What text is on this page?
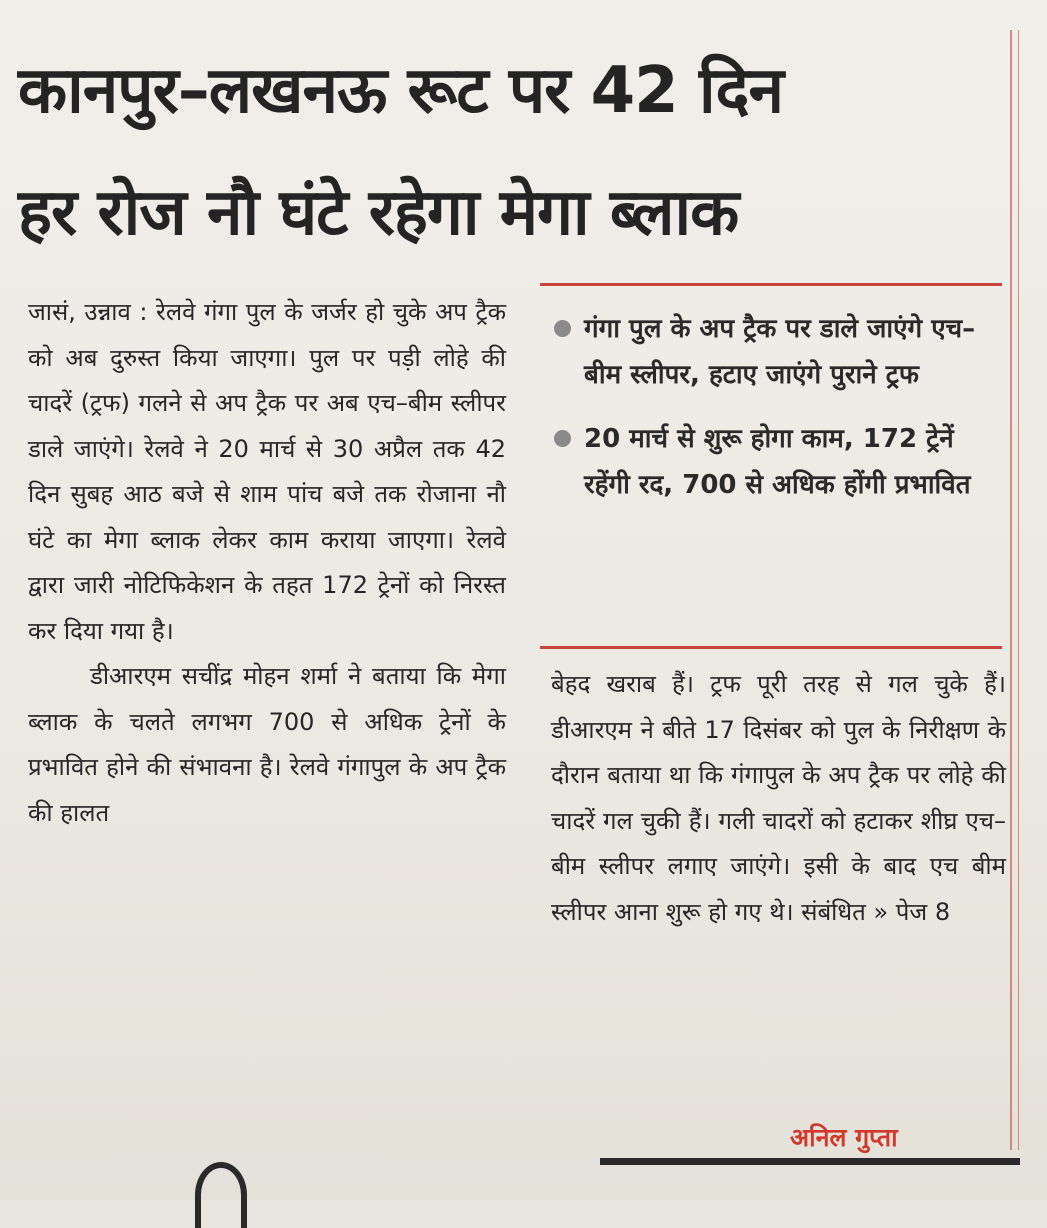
कानपुर–लखनऊ रूट पर 42 दिन
हर रोज नौ घंटे रहेगा मेगा ब्लाक

जासं, उन्नाव : रेलवे गंगा पुल के जर्जर हो चुके अप ट्रैक को अब दुरुस्त किया जाएगा। पुल पर पड़ी लोहे की चादरें (ट्रफ) गलने से अप ट्रैक पर अब एच–बीम स्लीपर डाले जाएंगे। रेलवे ने 20 मार्च से 30 अप्रैल तक 42 दिन सुबह आठ बजे से शाम पांच बजे तक रोजाना नौ घंटे का मेगा ब्लाक लेकर काम कराया जाएगा। रेलवे द्वारा जारी नोटिफिकेशन के तहत 172 ट्रेनों को निरस्त कर दिया गया है।

डीआरएम सचींद्र मोहन शर्मा ने बताया कि मेगा ब्लाक के चलते लगभग 700 से अधिक ट्रेनों के प्रभावित होने की संभावना है। रेलवे गंगापुल के अप ट्रैक की हालत

गंगा पुल के अप ट्रैक पर डाले जाएंगे एच–बीम स्लीपर, हटाए जाएंगे पुराने ट्रफ
20 मार्च से शुरू होगा काम, 172 ट्रेनें रहेंगी रद, 700 से अधिक होंगी प्रभावित

बेहद खराब हैं। ट्रफ पूरी तरह से गल चुके हैं। डीआरएम ने बीते 17 दिसंबर को पुल के निरीक्षण के दौरान बताया था कि गंगापुल के अप ट्रैक पर लोहे की चादरें गल चुकी हैं। गली चादरों को हटाकर शीघ्र एच–बीम स्लीपर लगाए जाएंगे। इसी के बाद एच बीम स्लीपर आना शुरू हो गए थे। संबंधित » पेज 8

अनिल गुप्ता
